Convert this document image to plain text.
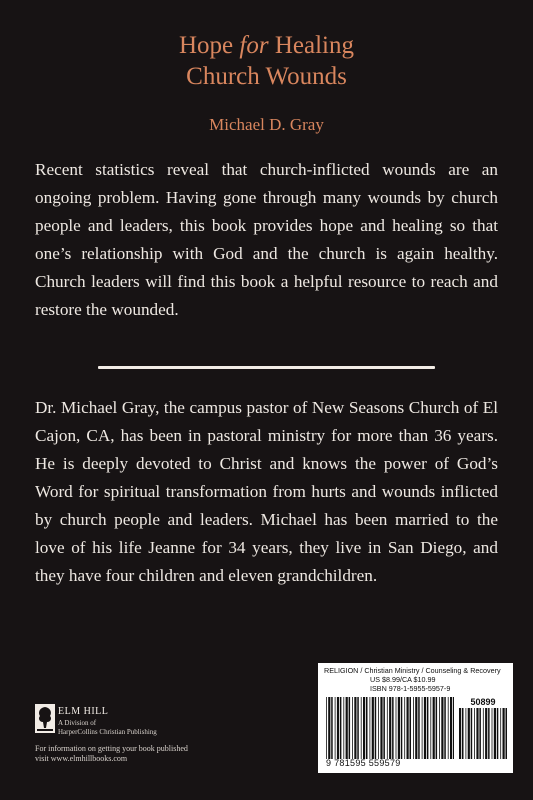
Hope for Healing
Church Wounds
Michael D. Gray
Recent statistics reveal that church-inflicted wounds are an ongoing problem. Having gone through many wounds by church people and leaders, this book provides hope and healing so that one’s relationship with God and the church is again healthy. Church leaders will find this book a helpful resource to reach and restore the wounded.
Dr. Michael Gray, the campus pastor of New Seasons Church of El Cajon, CA, has been in pastoral ministry for more than 36 years. He is deeply devoted to Christ and knows the power of God’s Word for spiritual transformation from hurts and wounds inflicted by church people and leaders. Michael has been married to the love of his life Jeanne for 34 years, they live in San Diego, and they have four children and eleven grandchildren.
ELM HILL
A Division of
HarperCollins Christian Publishing
For information on getting your book published
visit www.elmhillbooks.com
RELIGION / Christian Ministry / Counseling & Recovery
US $8.99/CA $10.99
ISBN 978-1-5955-5957-9
9 781595 559579
50899
